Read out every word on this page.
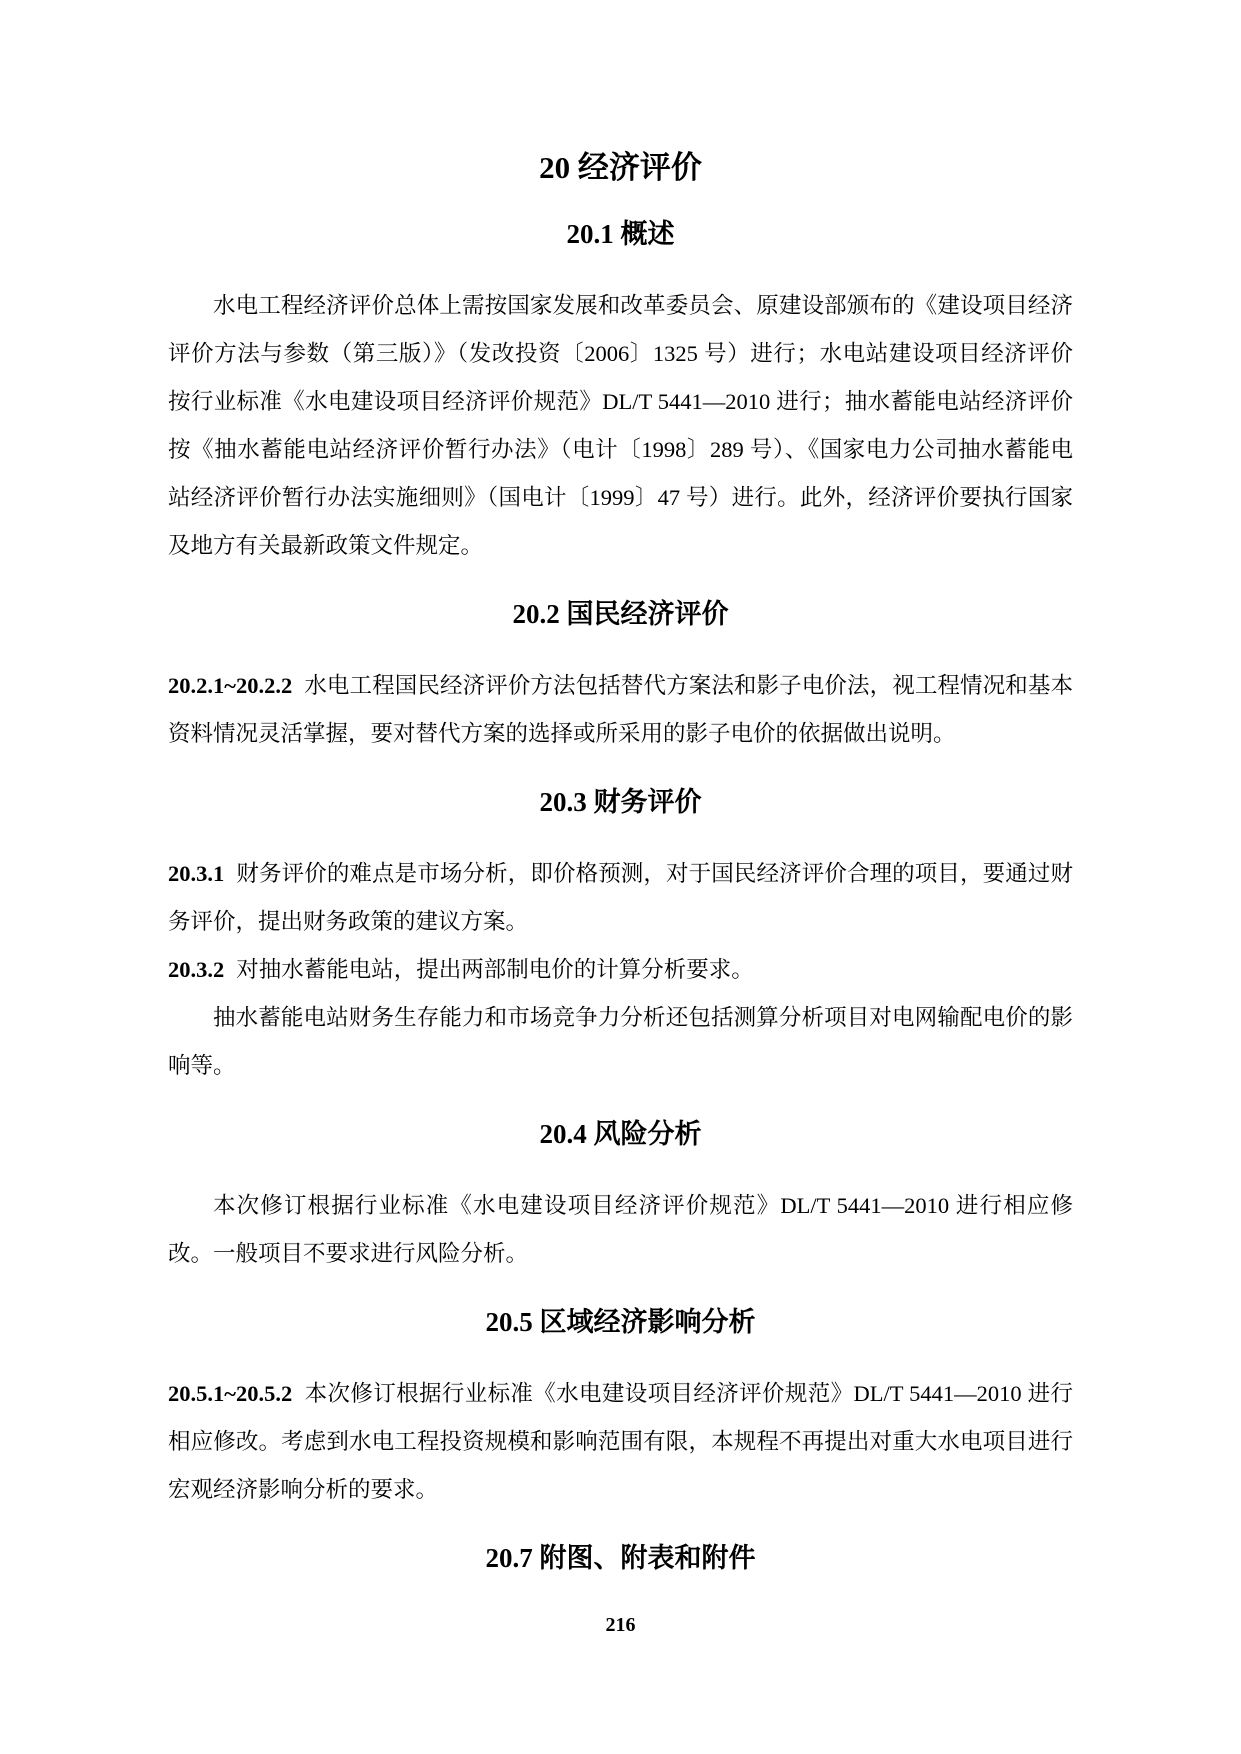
20 经济评价
20.1 概述

水电工程经济评价总体上需按国家发展和改革委员会、原建设部颁布的《建设项目经济评价方法与参数（第三版）》（发改投资〔2006〕1325 号）进行；水电站建设项目经济评价按行业标准《水电建设项目经济评价规范》DL/T 5441—2010 进行；抽水蓄能电站经济评价按《抽水蓄能电站经济评价暂行办法》（电计〔1998〕289 号）、《国家电力公司抽水蓄能电站经济评价暂行办法实施细则》（国电计〔1999〕47 号）进行。此外，经济评价要执行国家及地方有关最新政策文件规定。

20.2 国民经济评价

20.2.1~20.2.2 水电工程国民经济评价方法包括替代方案法和影子电价法，视工程情况和基本资料情况灵活掌握，要对替代方案的选择或所采用的影子电价的依据做出说明。

20.3 财务评价

20.3.1 财务评价的难点是市场分析，即价格预测，对于国民经济评价合理的项目，要通过财务评价，提出财务政策的建议方案。

20.3.2 对抽水蓄能电站，提出两部制电价的计算分析要求。

抽水蓄能电站财务生存能力和市场竞争力分析还包括测算分析项目对电网输配电价的影响等。

20.4 风险分析

本次修订根据行业标准《水电建设项目经济评价规范》DL/T 5441—2010 进行相应修改。一般项目不要求进行风险分析。

20.5 区域经济影响分析

20.5.1~20.5.2 本次修订根据行业标准《水电建设项目经济评价规范》DL/T 5441—2010 进行相应修改。考虑到水电工程投资规模和影响范围有限，本规程不再提出对重大水电项目进行宏观经济影响分析的要求。

20.7 附图、附表和附件
216
